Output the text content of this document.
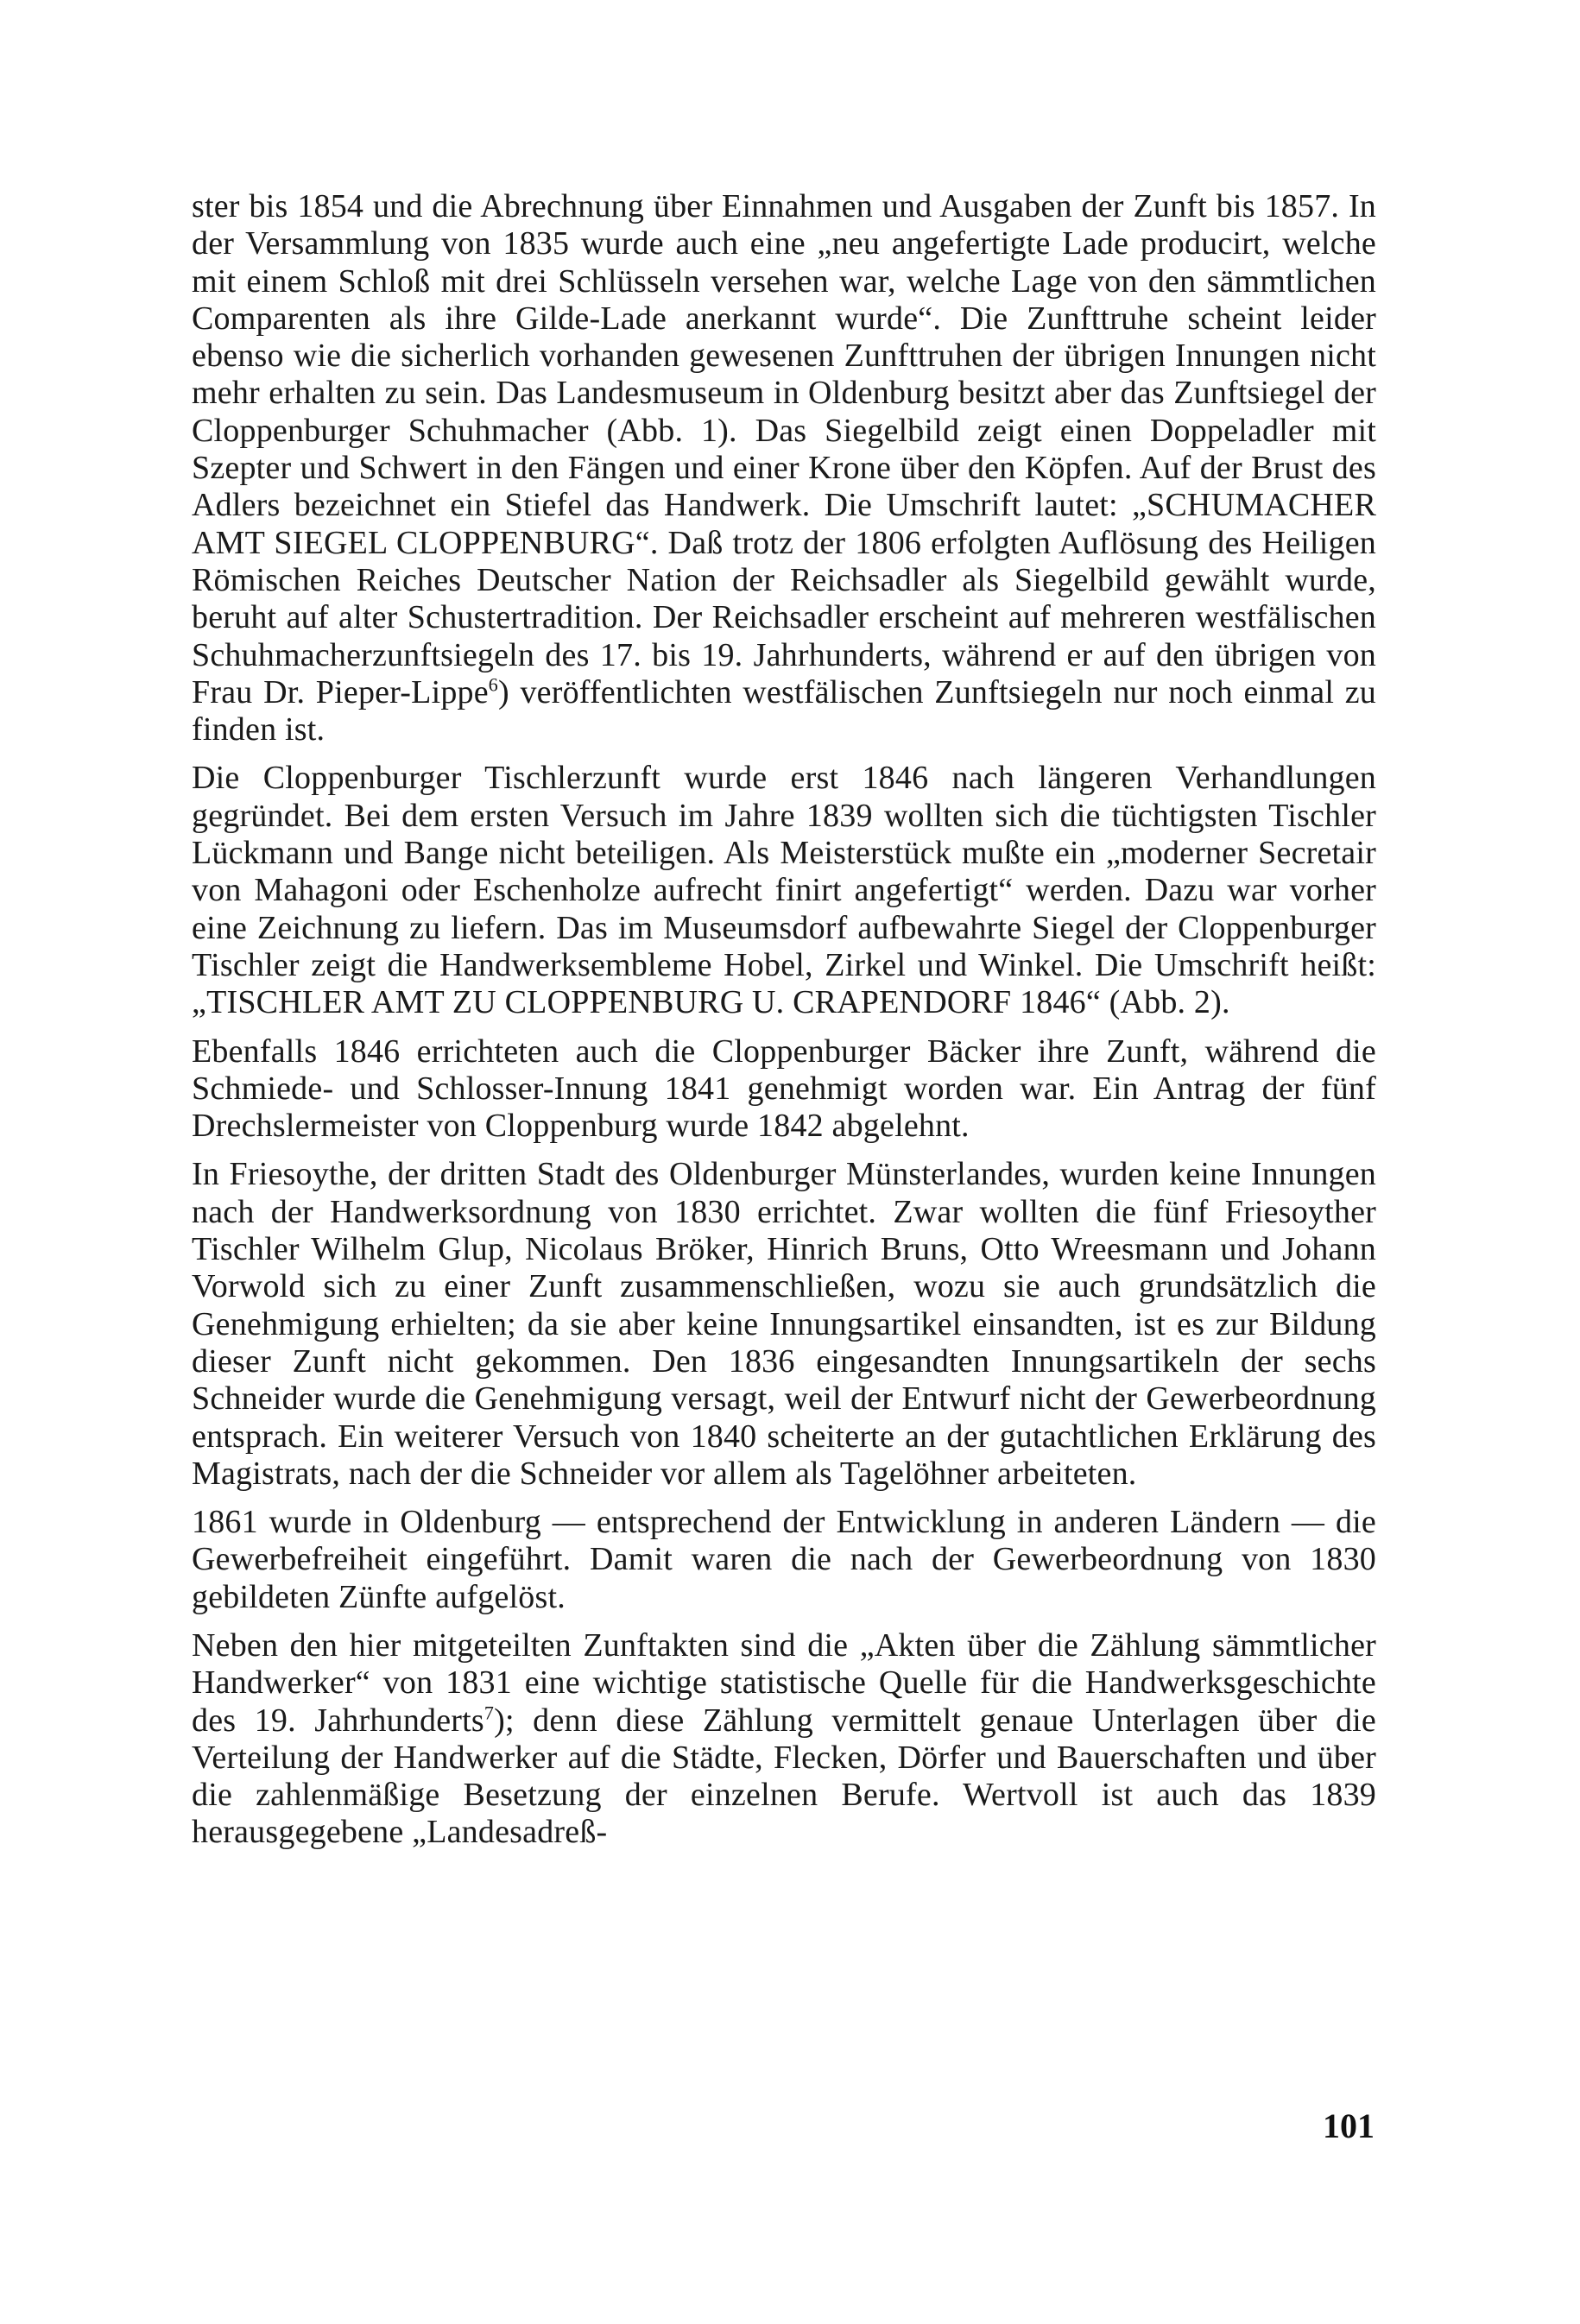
ster bis 1854 und die Abrechnung über Einnahmen und Ausgaben der Zunft bis 1857. In der Versammlung von 1835 wurde auch eine „neu angefertigte Lade producirt, welche mit einem Schloß mit drei Schlüsseln versehen war, welche Lage von den sämmtlichen Comparenten als ihre Gilde-Lade anerkannt wurde“. Die Zunfttruhe scheint leider ebenso wie die sicherlich vorhanden gewesenen Zunfttruhen der übrigen Innungen nicht mehr erhalten zu sein. Das Landesmuseum in Oldenburg besitzt aber das Zunftsiegel der Cloppenburger Schuhmacher (Abb. 1). Das Siegelbild zeigt einen Doppeladler mit Szepter und Schwert in den Fängen und einer Krone über den Köpfen. Auf der Brust des Adlers bezeichnet ein Stiefel das Handwerk. Die Umschrift lautet: „SCHUMACHER AMT SIEGEL CLOPPENBURG“. Daß trotz der 1806 erfolgten Auflösung des Heiligen Römischen Reiches Deutscher Nation der Reichsadler als Siegelbild gewählt wurde, beruht auf alter Schustertradition. Der Reichsadler erscheint auf mehreren westfälischen Schuhmacherzunftsiegeln des 17. bis 19. Jahrhunderts, während er auf den übrigen von Frau Dr. Pieper-Lippe$^6$) veröffentlichten westfälischen Zunftsiegeln nur noch einmal zu finden ist.

Die Cloppenburger Tischlerzunft wurde erst 1846 nach längeren Verhandlungen gegründet. Bei dem ersten Versuch im Jahre 1839 wollten sich die tüchtigsten Tischler Lückmann und Bange nicht beteiligen. Als Meisterstück mußte ein „moderner Secretair von Mahagoni oder Eschenholze aufrecht finirt angefertigt“ werden. Dazu war vorher eine Zeichnung zu liefern. Das im Museumsdorf aufbewahrte Siegel der Cloppenburger Tischler zeigt die Handwerksembleme Hobel, Zirkel und Winkel. Die Umschrift heißt: „TISCHLER AMT ZU CLOPPENBURG U. CRAPENDORF 1846“ (Abb. 2).

Ebenfalls 1846 errichteten auch die Cloppenburger Bäcker ihre Zunft, während die Schmiede- und Schlosser-Innung 1841 genehmigt worden war. Ein Antrag der fünf Drechslermeister von Cloppenburg wurde 1842 abgelehnt.

In Friesoythe, der dritten Stadt des Oldenburger Münsterlandes, wurden keine Innungen nach der Handwerksordnung von 1830 errichtet. Zwar wollten die fünf Friesoyther Tischler Wilhelm Glup, Nicolaus Bröker, Hinrich Bruns, Otto Wreesmann und Johann Vorwold sich zu einer Zunft zusammenschließen, wozu sie auch grundsätzlich die Genehmigung erhielten; da sie aber keine Innungsartikel einsandten, ist es zur Bildung dieser Zunft nicht gekommen. Den 1836 eingesandten Innungsartikeln der sechs Schneider wurde die Genehmigung versagt, weil der Entwurf nicht der Gewerbeordnung entsprach. Ein weiterer Versuch von 1840 scheiterte an der gutachtlichen Erklärung des Magistrats, nach der die Schneider vor allem als Tagelöhner arbeiteten.

1861 wurde in Oldenburg — entsprechend der Entwicklung in anderen Ländern — die Gewerbefreiheit eingeführt. Damit waren die nach der Gewerbeordnung von 1830 gebildeten Zünfte aufgelöst.

Neben den hier mitgeteilten Zunftakten sind die „Akten über die Zählung sämmtlicher Handwerker“ von 1831 eine wichtige statistische Quelle für die Handwerksgeschichte des 19. Jahrhunderts$^7$); denn diese Zählung vermittelt genaue Unterlagen über die Verteilung der Handwerker auf die Städte, Flecken, Dörfer und Bauerschaften und über die zahlenmäßige Besetzung der einzelnen Berufe. Wertvoll ist auch das 1839 herausgegebene „Landesadreß-

101
